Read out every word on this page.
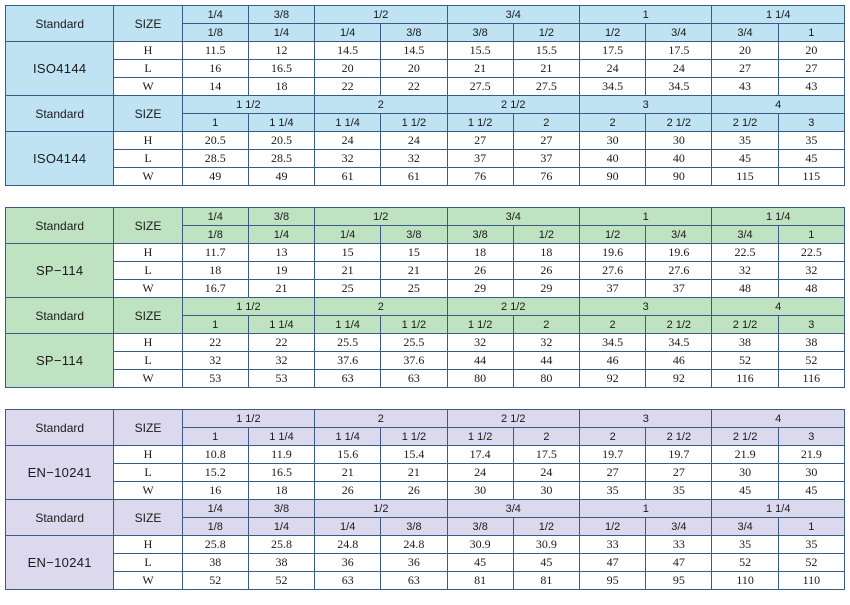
Standard	SIZE	1/4	3/8	1/2		3/4		1		1 1/4	
		1/8	1/4	1/4	3/8	3/8	1/2	1/2	3/4	3/4	1
ISO4144	H	11.5	12	14.5	14.5	15.5	15.5	17.5	17.5	20	20
	L	16	16.5	20	20	21	21	24	24	27	27
	W	14	18	22	22	27.5	27.5	34.5	34.5	43	43
Standard	SIZE	1 1/2		2		2 1/2		3		4	
		1	1 1/4	1 1/4	1 1/2	1 1/2	2	2	2 1/2	2 1/2	3
ISO4144	H	20.5	20.5	24	24	27	27	30	30	35	35
	L	28.5	28.5	32	32	37	37	40	40	45	45
	W	49	49	61	61	76	76	90	90	115	115
Standard	SIZE	1/4	3/8	1/2		3/4		1		1 1/4	
		1/8	1/4	1/4	3/8	3/8	1/2	1/2	3/4	3/4	1
SP−114	H	11.7	13	15	15	18	18	19.6	19.6	22.5	22.5
	L	18	19	21	21	26	26	27.6	27.6	32	32
	W	16.7	21	25	25	29	29	37	37	48	48
Standard	SIZE	1 1/2		2		2 1/2		3		4	
		1	1 1/4	1 1/4	1 1/2	1 1/2	2	2	2 1/2	2 1/2	3
SP−114	H	22	22	25.5	25.5	32	32	34.5	34.5	38	38
	L	32	32	37.6	37.6	44	44	46	46	52	52
	W	53	53	63	63	80	80	92	92	116	116
Standard	SIZE	1 1/2		2		2 1/2		3		4	
		1	1 1/4	1 1/4	1 1/2	1 1/2	2	2	2 1/2	2 1/2	3
EN−10241	H	10.8	11.9	15.6	15.4	17.4	17.5	19.7	19.7	21.9	21.9
	L	15.2	16.5	21	21	24	24	27	27	30	30
	W	16	18	26	26	30	30	35	35	45	45
Standard	SIZE	1/4	3/8	1/2		3/4		1		1 1/4	
		1/8	1/4	1/4	3/8	3/8	1/2	1/2	3/4	3/4	1
EN−10241	H	25.8	25.8	24.8	24.8	30.9	30.9	33	33	35	35
	L	38	38	36	36	45	45	47	47	52	52
	W	52	52	63	63	81	81	95	95	110	110
